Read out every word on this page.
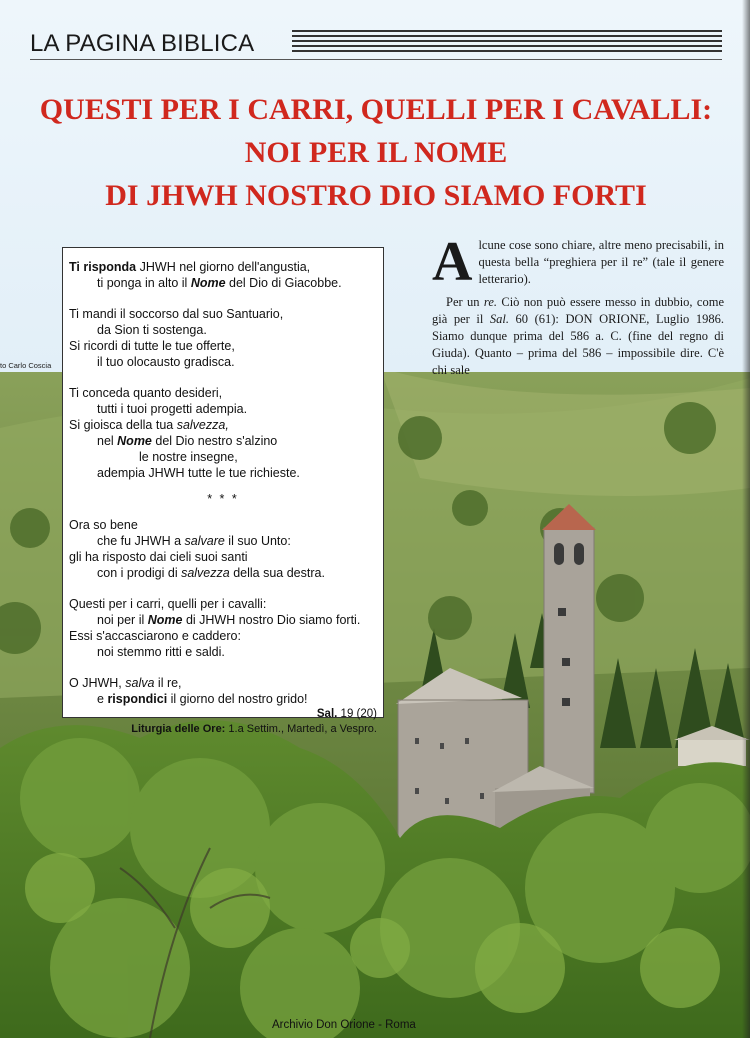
LA PAGINA BIBLICA
QUESTI PER I CARRI, QUELLI PER I CAVALLI:
NOI PER IL NOME
DI JHWH NOSTRO DIO SIAMO FORTI
to Carlo Coscia
Ti risponda JHWH nel giorno dell'angustia,
ti ponga in alto il Nome del Dio di Giacobbe.
Ti mandi il soccorso dal suo Santuario,
da Sion ti sostenga.
Si ricordi di tutte le tue offerte,
il tuo olocausto gradisca.
Ti conceda quanto desideri,
tutti i tuoi progetti adempia.
Si gioisca della tua salvezza,
nel Nome del Dio nestro s'alzino
le nostre insegne,
adempia JHWH tutte le tue richieste.
* * *
Ora so bene
che fu JHWH a salvare il suo Unto:
gli ha risposto dai cieli suoi santi
con i prodigi di salvezza della sua destra.
Questi per i carri, quelli per i cavalli:
noi per il Nome di JHWH nostro Dio siamo forti.
Essi s'accasciarono e caddero:
noi stemmo ritti e saldi.
O JHWH, salva il re,
e rispondici il giorno del nostro grido!
Sal. 19 (20)
Liturgia delle Ore: 1.a Settim., Martedì, a Vespro.

Alcune cose sono chiare, altre meno precisabili, in questa bella “preghiera per il re” (tale il genere letterario).

Per un re. Ciò non può essere messo in dubbio, come già per il Sal. 60 (61): DON ORIONE, Luglio 1986. Siamo dunque prima del 586 a. C. (fine del regno di Giuda). Quanto – prima del 586 – impossibile dire. C'è chi sale

Archivio Don Orione - Roma
